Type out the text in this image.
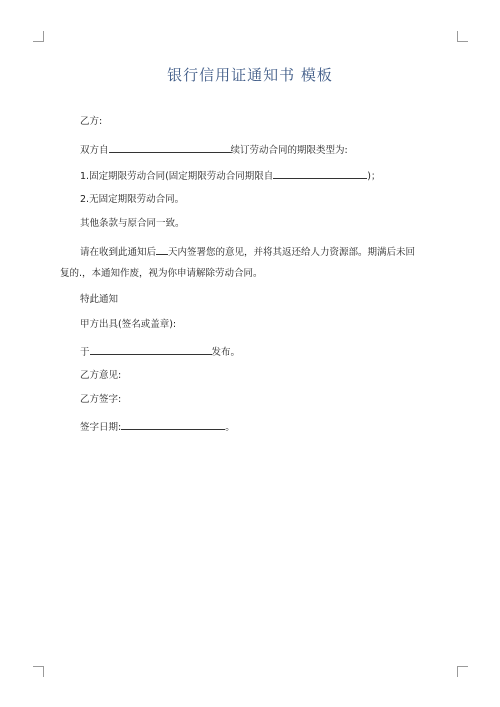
银行信用证通知书 模板
乙方:
双方自	续订劳动合同的期限类型为:
1.固定期限劳动合同(固定期限劳动合同期限自	)；
2.无固定期限劳动合同。
其他条款与原合同一致。
请在收到此通知后 天内签署您的意见，并将其返还给人力资源部。期满后未回
复的.，本通知作废，视为你申请解除劳动合同。
特此通知
甲方出具(签名或盖章):
于	发布。
乙方意见:
乙方签字:
签字日期:	。
